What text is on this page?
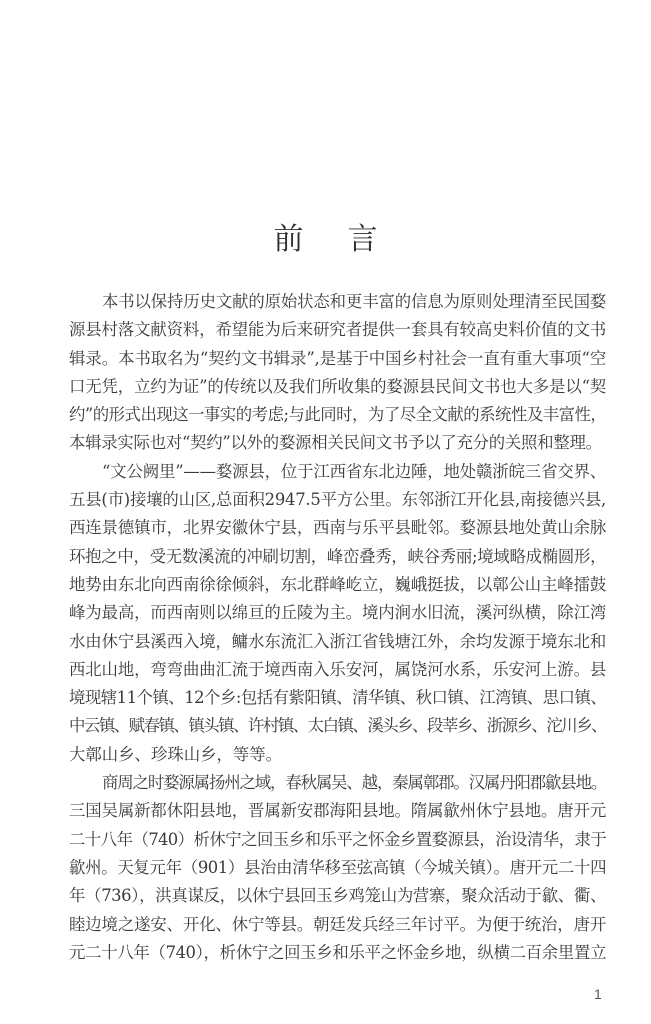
前言
本书以保持历史文献的原始状态和更丰富的信息为原则处理清至民国婺
源县村落文献资料，希望能为后来研究者提供一套具有较高史料价值的文书
辑录。本书取名为“契约文书辑录”,是基于中国乡村社会一直有重大事项“空
口无凭，立约为证”的传统以及我们所收集的婺源县民间文书也大多是以“契
约”的形式出现这一事实的考虑;与此同时，为了尽全文献的系统性及丰富性，
本辑录实际也对“契约”以外的婺源相关民间文书予以了充分的关照和整理。
“文公阙里”——婺源县，位于江西省东北边陲，地处赣浙皖三省交界、
五县(市)接壤的山区,总面积2947.5平方公里。东邻浙江开化县,南接德兴县,
西连景德镇市，北界安徽休宁县，西南与乐平县毗邻。婺源县地处黄山余脉
环抱之中，受无数溪流的冲刷切割，峰峦叠秀，峡谷秀丽;境域略成椭圆形，
地势由东北向西南徐徐倾斜，东北群峰屹立，巍峨挺拔，以鄣公山主峰擂鼓
峰为最高，而西南则以绵亘的丘陵为主。境内涧水旧流，溪河纵横，除江湾
水由休宁县溪西入境，鳙水东流汇入浙江省钱塘江外，余均发源于境东北和
西北山地，弯弯曲曲汇流于境西南入乐安河，属饶河水系，乐安河上游。县
境现辖11个镇、12个乡:包括有紫阳镇、清华镇、秋口镇、江湾镇、思口镇、
中云镇、赋春镇、镇头镇、许村镇、太白镇、溪头乡、段莘乡、浙源乡、沱川乡、
大鄣山乡、珍珠山乡，等等。
商周之时婺源属扬州之域，春秋属吴、越，秦属鄣郡。汉属丹阳郡歙县地。
三国吴属新都休阳县地，晋属新安郡海阳县地。隋属歙州休宁县地。唐开元
二十八年（740）析休宁之回玉乡和乐平之怀金乡置婺源县，治设清华，隶于
歙州。天复元年（901）县治由清华移至弦高镇（今城关镇）。唐开元二十四
年（736），洪真谋反，以休宁县回玉乡鸡笼山为营寨，聚众活动于歙、衢、
睦边境之遂安、开化、休宁等县。朝廷发兵经三年讨平。为便于统治，唐开
元二十八年（740），析休宁之回玉乡和乐平之怀金乡地，纵横二百余里置立
1
